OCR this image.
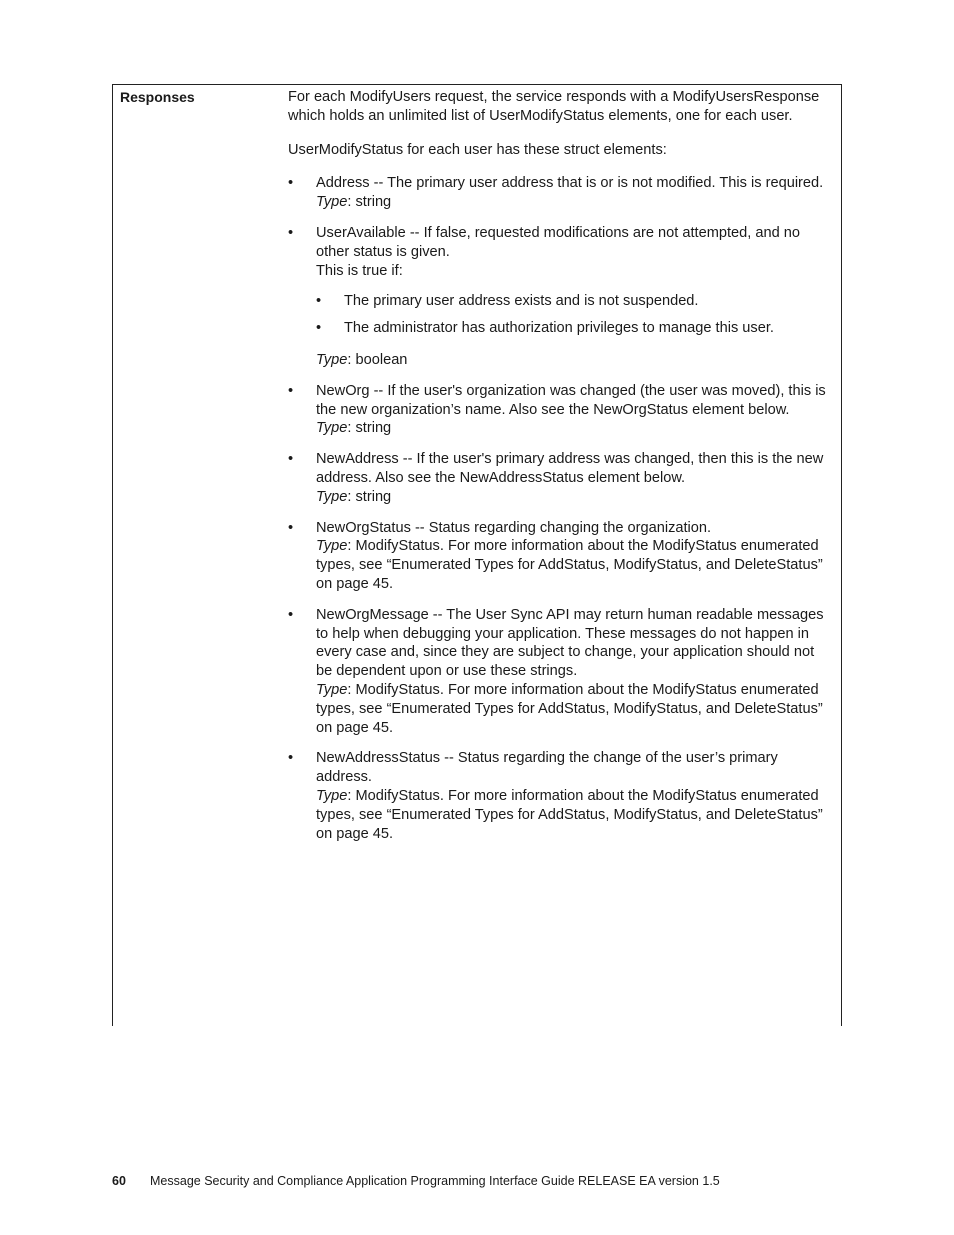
Responses	For each ModifyUsers request, the service responds with a ModifyUsersResponse which holds an unlimited list of UserModifyStatus elements, one for each user.

UserModifyStatus for each user has these struct elements:

•	Address -- The primary user address that is or is not modified. This is required.

Type: string

•	UserAvailable -- If false, requested modifications are not attempted, and no other status is given.

This is true if:

•	The primary user address exists and is not suspended.

•	The administrator has authorization privileges to manage this user.

Type: boolean

•	NewOrg -- If the user's organization was changed (the user was moved), this is the new organization’s name. Also see the NewOrgStatus element below.

Type: string

•	NewAddress -- If the user's primary address was changed, then this is the new address. Also see the NewAddressStatus element below.

Type: string

•	NewOrgStatus -- Status regarding changing the organization.

Type: ModifyStatus. For more information about the ModifyStatus enumerated types, see “Enumerated Types for AddStatus, ModifyStatus, and DeleteStatus” on page 45.

•	NewOrgMessage -- The User Sync API may return human readable messages to help when debugging your application. These messages do not happen in every case and, since they are subject to change, your application should not be dependent upon or use these strings.

Type: ModifyStatus. For more information about the ModifyStatus enumerated types, see “Enumerated Types for AddStatus, ModifyStatus, and DeleteStatus” on page 45.

•	NewAddressStatus -- Status regarding the change of the user’s primary address.

Type: ModifyStatus. For more information about the ModifyStatus enumerated types, see “Enumerated Types for AddStatus, ModifyStatus, and DeleteStatus” on page 45.

60 Message Security and Compliance Application Programming Interface Guide RELEASE EA version 1.5
